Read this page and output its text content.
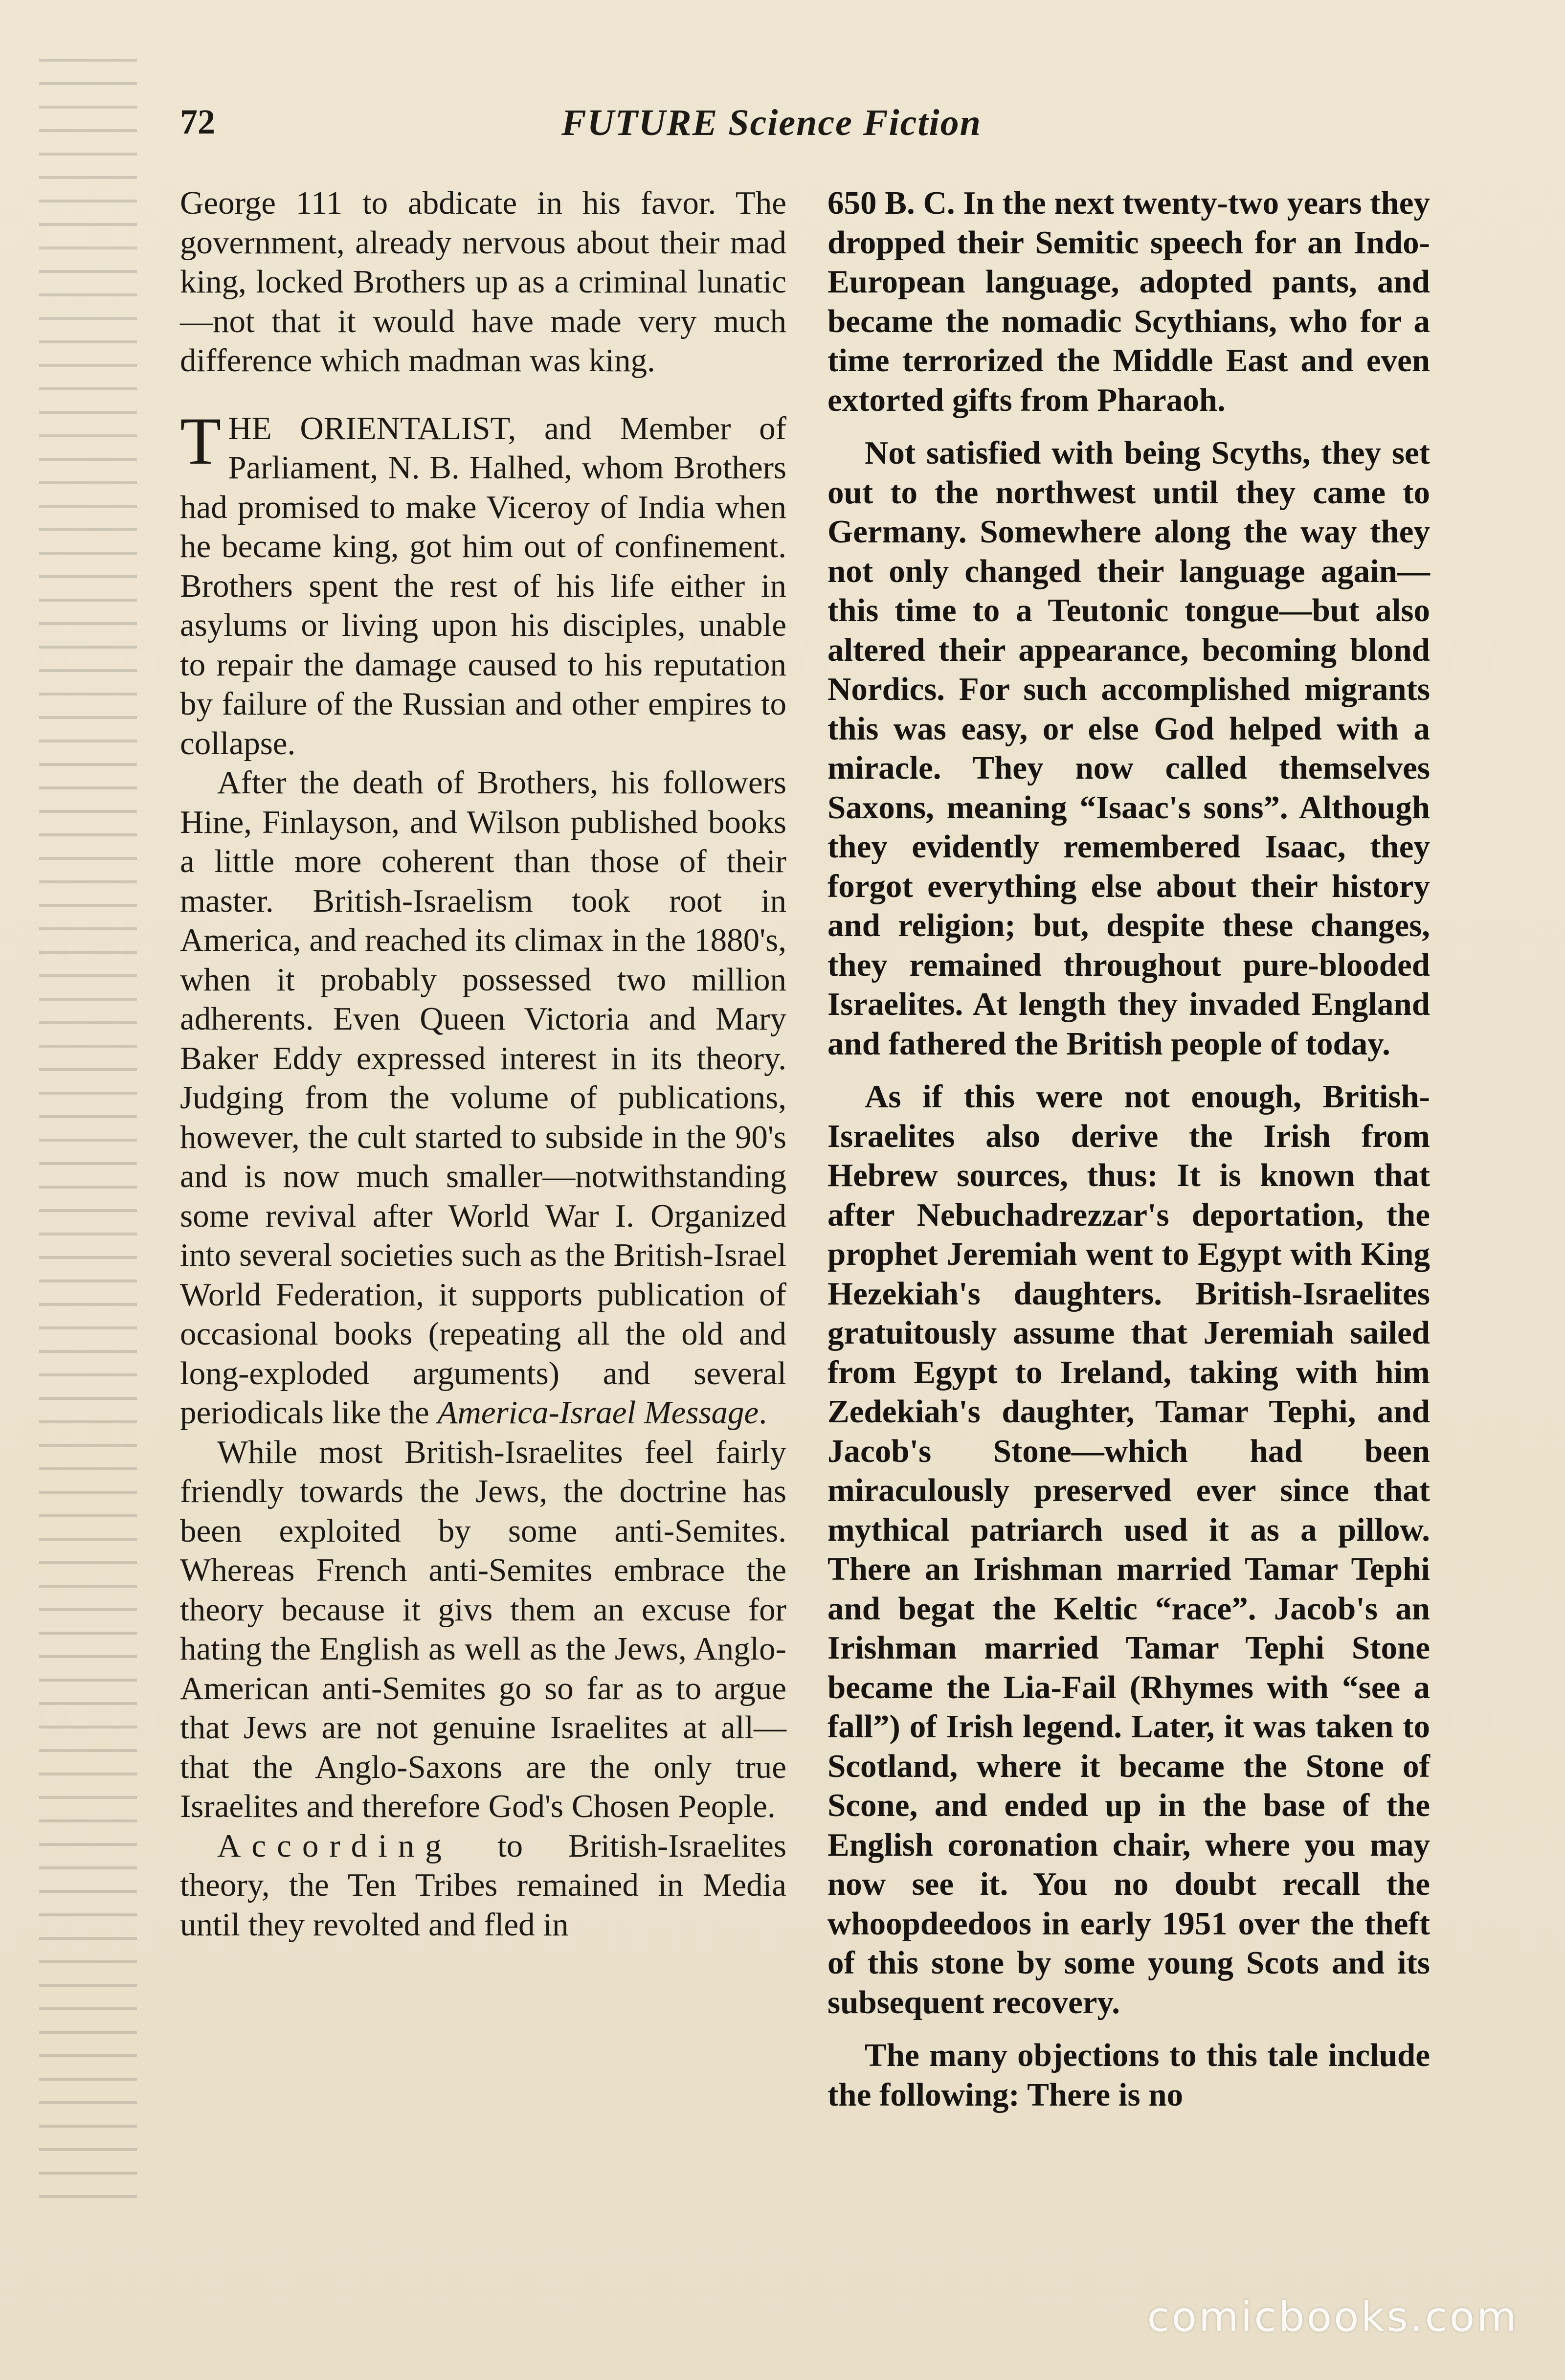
72	FUTURE Science Fiction

George 111 to abdicate in his favor. The government, already nervous about their mad king, locked Brothers up as a criminal lunatic—not that it would have made very much difference which madman was king.

THE ORIENTALIST, and Member of Parliament, N. B. Halhed, whom Brothers had promised to make Viceroy of India when he became king, got him out of confinement. Brothers spent the rest of his life either in asylums or living upon his disciples, unable to repair the damage caused to his reputation by failure of the Russian and other empires to collapse.

After the death of Brothers, his followers Hine, Finlayson, and Wilson published books a little more coherent than those of their master. British-Israelism took root in America, and reached its climax in the 1880's, when it probably possessed two million adherents. Even Queen Victoria and Mary Baker Eddy expressed interest in its theory. Judging from the volume of publications, however, the cult started to subside in the 90's and is now much smaller—notwithstanding some revival after World War I. Organized into several societies such as the British-Israel World Federation, it supports publication of occasional books (repeating all the old and long-exploded arguments) and several periodicals like the America-Israel Message.

While most British-Israelites feel fairly friendly towards the Jews, the doctrine has been exploited by some anti-Semites. Whereas French anti-Semites embrace the theory because it givs them an excuse for hating the English as well as the Jews, Anglo-American anti-Semites go so far as to argue that Jews are not genuine Israelites at all—that the Anglo-Saxons are the only true Israelites and therefore God's Chosen People.

According to British-Israelites theory, the Ten Tribes remained in Media until they revolted and fled in

650 B. C. In the next twenty-two years they dropped their Semitic speech for an Indo-European language, adopted pants, and became the nomadic Scythians, who for a time terrorized the Middle East and even extorted gifts from Pharaoh.

Not satisfied with being Scyths, they set out to the northwest until they came to Germany. Somewhere along the way they not only changed their language again—this time to a Teutonic tongue—but also altered their appearance, becoming blond Nordics. For such accomplished migrants this was easy, or else God helped with a miracle. They now called themselves Saxons, meaning “Isaac's sons”. Although they evidently remembered Isaac, they forgot everything else about their history and religion; but, despite these changes, they remained throughout pure-blooded Israelites. At length they invaded England and fathered the British people of today.

As if this were not enough, British-Israelites also derive the Irish from Hebrew sources, thus: It is known that after Nebuchadrezzar's deportation, the prophet Jeremiah went to Egypt with King Hezekiah's daughters. British-Israelites gratuitously assume that Jeremiah sailed from Egypt to Ireland, taking with him Zedekiah's daughter, Tamar Tephi, and Jacob's Stone—which had been miraculously preserved ever since that mythical patriarch used it as a pillow. There an Irishman married Tamar Tephi and begat the Keltic “race”. Jacob's an Irishman married Tamar Tephi Stone became the Lia-Fail (Rhymes with “see a fall”) of Irish legend. Later, it was taken to Scotland, where it became the Stone of Scone, and ended up in the base of the English coronation chair, where you may now see it. You no doubt recall the whoopdeedoos in early 1951 over the theft of this stone by some young Scots and its subsequent recovery.

The many objections to this tale include the following: There is no

comicbooks.com
